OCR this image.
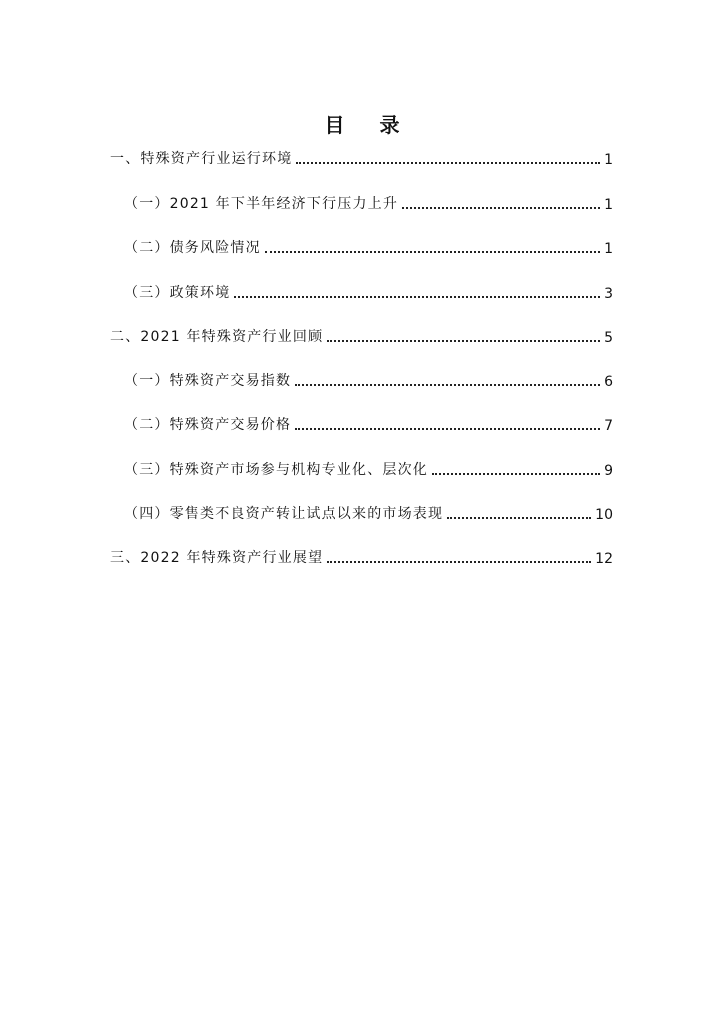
目 录
一、特殊资产行业运行环境	1
（一）2021 年下半年经济下行压力上升	1
（二）债务风险情况	1
（三）政策环境	3
二、2021 年特殊资产行业回顾	5
（一）特殊资产交易指数	6
（二）特殊资产交易价格	7
（三）特殊资产市场参与机构专业化、层次化	9
（四）零售类不良资产转让试点以来的市场表现	10
三、2022 年特殊资产行业展望	12
